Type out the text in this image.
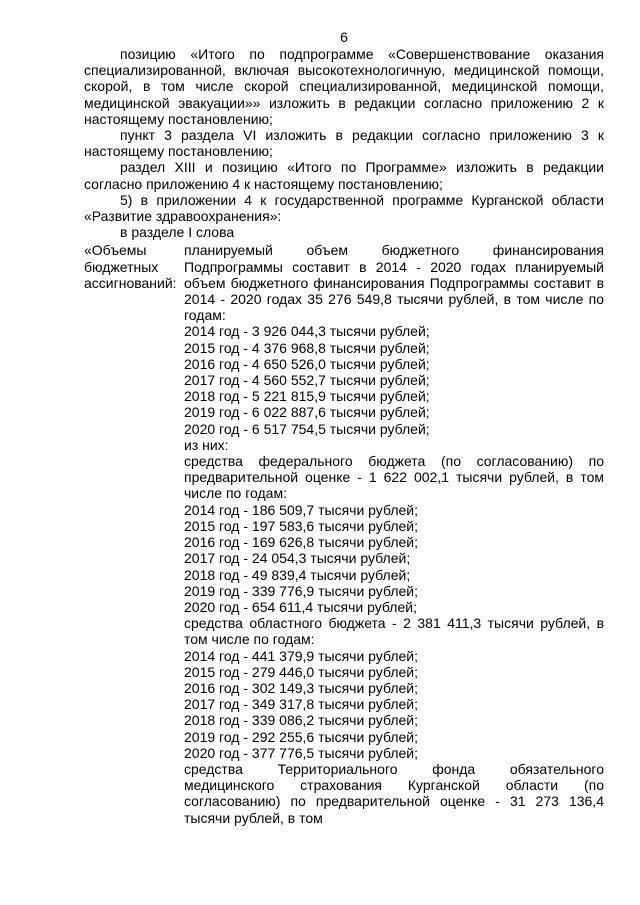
6

позицию «Итого по подпрограмме «Совершенствование оказания специализированной, включая высокотехнологичную, медицинской помощи, скорой, в том числе скорой специализированной, медицинской помощи, медицинской эвакуации»» изложить в редакции согласно приложению 2 к настоящему постановлению;

пункт 3 раздела VI изложить в редакции согласно приложению 3 к настоящему постановлению;

раздел XIII и позицию «Итого по Программе» изложить в редакции согласно приложению 4 к настоящему постановлению;

5) в приложении 4 к государственной программе Курганской области «Развитие здравоохранения»:

в разделе I слова

«Объемы
бюджетных
ассигнований:

планируемый объем бюджетного финансирования Подпрограммы составит в 2014 - 2020 годах планируемый объем бюджетного финансирования Подпрограммы составит в 2014 - 2020 годах 35 276 549,8 тысячи рублей, в том числе по годам:

2014 год - 3 926 044,3 тысячи рублей;

2015 год - 4 376 968,8 тысячи рублей;

2016 год - 4 650 526,0 тысячи рублей;

2017 год - 4 560 552,7 тысячи рублей;

2018 год - 5 221 815,9 тысячи рублей;

2019 год - 6 022 887,6 тысячи рублей;

2020 год - 6 517 754,5 тысячи рублей;

из них:

средства федерального бюджета (по согласованию) по предварительной оценке - 1 622 002,1 тысячи рублей, в том числе по годам:

2014 год - 186 509,7 тысячи рублей;

2015 год - 197 583,6 тысячи рублей;

2016 год - 169 626,8 тысячи рублей;

2017 год - 24 054,3 тысячи рублей;

2018 год - 49 839,4 тысячи рублей;

2019 год - 339 776,9 тысячи рублей;

2020 год - 654 611,4 тысячи рублей;

средства областного бюджета - 2 381 411,3 тысячи рублей, в том числе по годам:

2014 год - 441 379,9 тысячи рублей;

2015 год - 279 446,0 тысячи рублей;

2016 год - 302 149,3 тысячи рублей;

2017 год - 349 317,8 тысячи рублей;

2018 год - 339 086,2 тысячи рублей;

2019 год - 292 255,6 тысячи рублей;

2020 год - 377 776,5 тысячи рублей;

средства Территориального фонда обязательного медицинского страхования Курганской области (по согласованию) по предварительной оценке - 31 273 136,4 тысячи рублей, в том
